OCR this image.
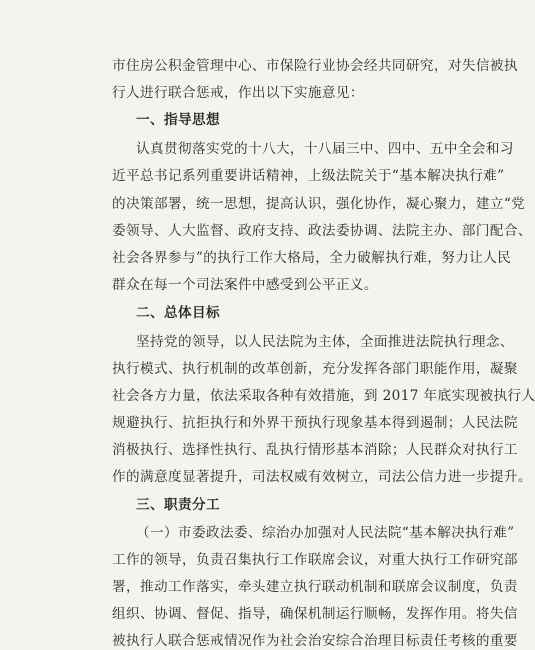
市住房公积金管理中心、市保险行业协会经共同研究，对失信被执
行人进行联合惩戒，作出以下实施意见：
一、指导思想
认真贯彻落实党的十八大，十八届三中、四中、五中全会和习
近平总书记系列重要讲话精神，上级法院关于“基本解决执行难”
的决策部署，统一思想，提高认识，强化协作，凝心聚力，建立“党
委领导、人大监督、政府支持、政法委协调、法院主办、部门配合、
社会各界参与”的执行工作大格局，全力破解执行难，努力让人民
群众在每一个司法案件中感受到公平正义。
二、总体目标
坚持党的领导，以人民法院为主体，全面推进法院执行理念、
执行模式、执行机制的改革创新，充分发挥各部门职能作用，凝聚
社会各方力量，依法采取各种有效措施，到 2017 年底实现被执行人
规避执行、抗拒执行和外界干预执行现象基本得到遏制；人民法院
消极执行、选择性执行、乱执行情形基本消除；人民群众对执行工
作的满意度显著提升，司法权威有效树立，司法公信力进一步提升。
三、职责分工
（一）市委政法委、综治办加强对人民法院“基本解决执行难”
工作的领导，负责召集执行工作联席会议，对重大执行工作研究部
署，推动工作落实，牵头建立执行联动机制和联席会议制度，负责
组织、协调、督促、指导，确保机制运行顺畅，发挥作用。将失信
被执行人联合惩戒情况作为社会治安综合治理目标责任考核的重要
